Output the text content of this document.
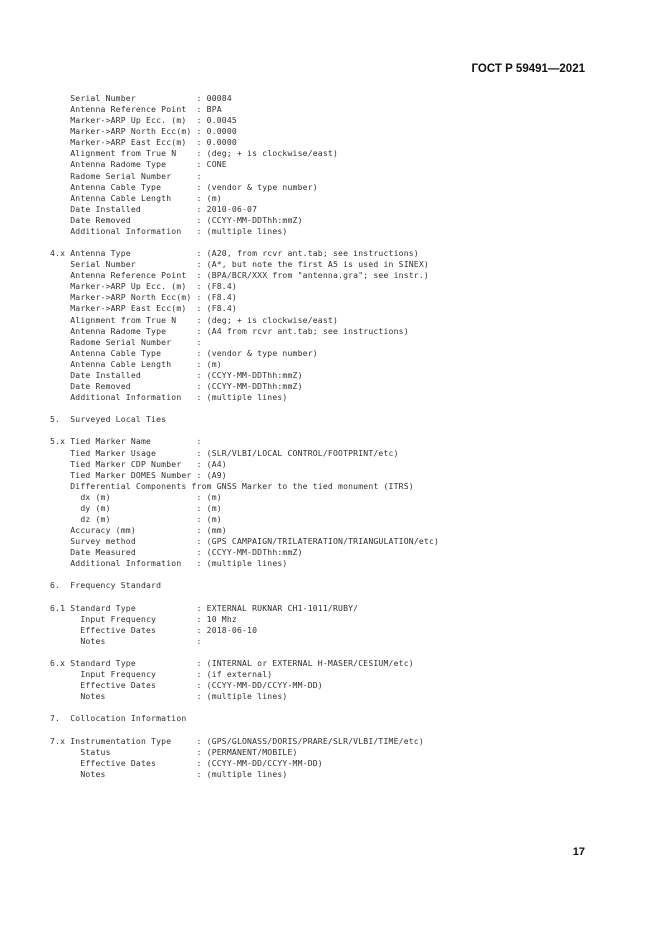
ГОСТ Р 59491—2021
Serial Number            : 00084
Antenna Reference Point  : BPA
Marker->ARP Up Ecc. (m)  : 0.0045
Marker->ARP North Ecc(m) : 0.0000
Marker->ARP East Ecc(m)  : 0.0000
Alignment from True N    : (deg; + is clockwise/east)
Antenna Radome Type      : CONE
Radome Serial Number     :
Antenna Cable Type       : (vendor & type number)
Antenna Cable Length     : (m)
Date Installed           : 2010-06-07
Date Removed             : (CCYY-MM-DDThh:mmZ)
Additional Information   : (multiple lines)
4.x Antenna Type             : (A20, from rcvr ant.tab; see instructions)
Serial Number            : (A*, but note the first A5 is used in SINEX)
Antenna Reference Point  : (BPA/BCR/XXX from "antenna.gra"; see instr.)
Marker->ARP Up Ecc. (m)  : (F8.4)
Marker->ARP North Ecc(m) : (F8.4)
Marker->ARP East Ecc(m)  : (F8.4)
Alignment from True N    : (deg; + is clockwise/east)
Antenna Radome Type      : (A4 from rcvr ant.tab; see instructions)
Radome Serial Number     :
Antenna Cable Type       : (vendor & type number)
Antenna Cable Length     : (m)
Date Installed           : (CCYY-MM-DDThh:mmZ)
Date Removed             : (CCYY-MM-DDThh:mmZ)
Additional Information   : (multiple lines)
5.  Surveyed Local Ties
5.x Tied Marker Name         :
Tied Marker Usage        : (SLR/VLBI/LOCAL CONTROL/FOOTPRINT/etc)
Tied Marker CDP Number   : (A4)
Tied Marker DOMES Number : (A9)
Differential Components from GNSS Marker to the tied monument (ITRS)
dx (m)                 : (m)
dy (m)                 : (m)
dz (m)                 : (m)
Accuracy (mm)            : (mm)
Survey method            : (GPS CAMPAIGN/TRILATERATION/TRIANGULATION/etc)
Date Measured            : (CCYY-MM-DDThh:mmZ)
Additional Information   : (multiple lines)
6.  Frequency Standard
6.1 Standard Type            : EXTERNAL RUKNAR CH1-1011/RUBY/
Input Frequency        : 10 Mhz
Effective Dates        : 2018-06-10
Notes                  :
6.x Standard Type            : (INTERNAL or EXTERNAL H-MASER/CESIUM/etc)
Input Frequency        : (if external)
Effective Dates        : (CCYY-MM-DD/CCYY-MM-DD)
Notes                  : (multiple lines)
7.  Collocation Information
7.x Instrumentation Type     : (GPS/GLONASS/DORIS/PRARE/SLR/VLBI/TIME/etc)
Status                 : (PERMANENT/MOBILE)
Effective Dates        : (CCYY-MM-DD/CCYY-MM-DD)
Notes                  : (multiple lines)
17
